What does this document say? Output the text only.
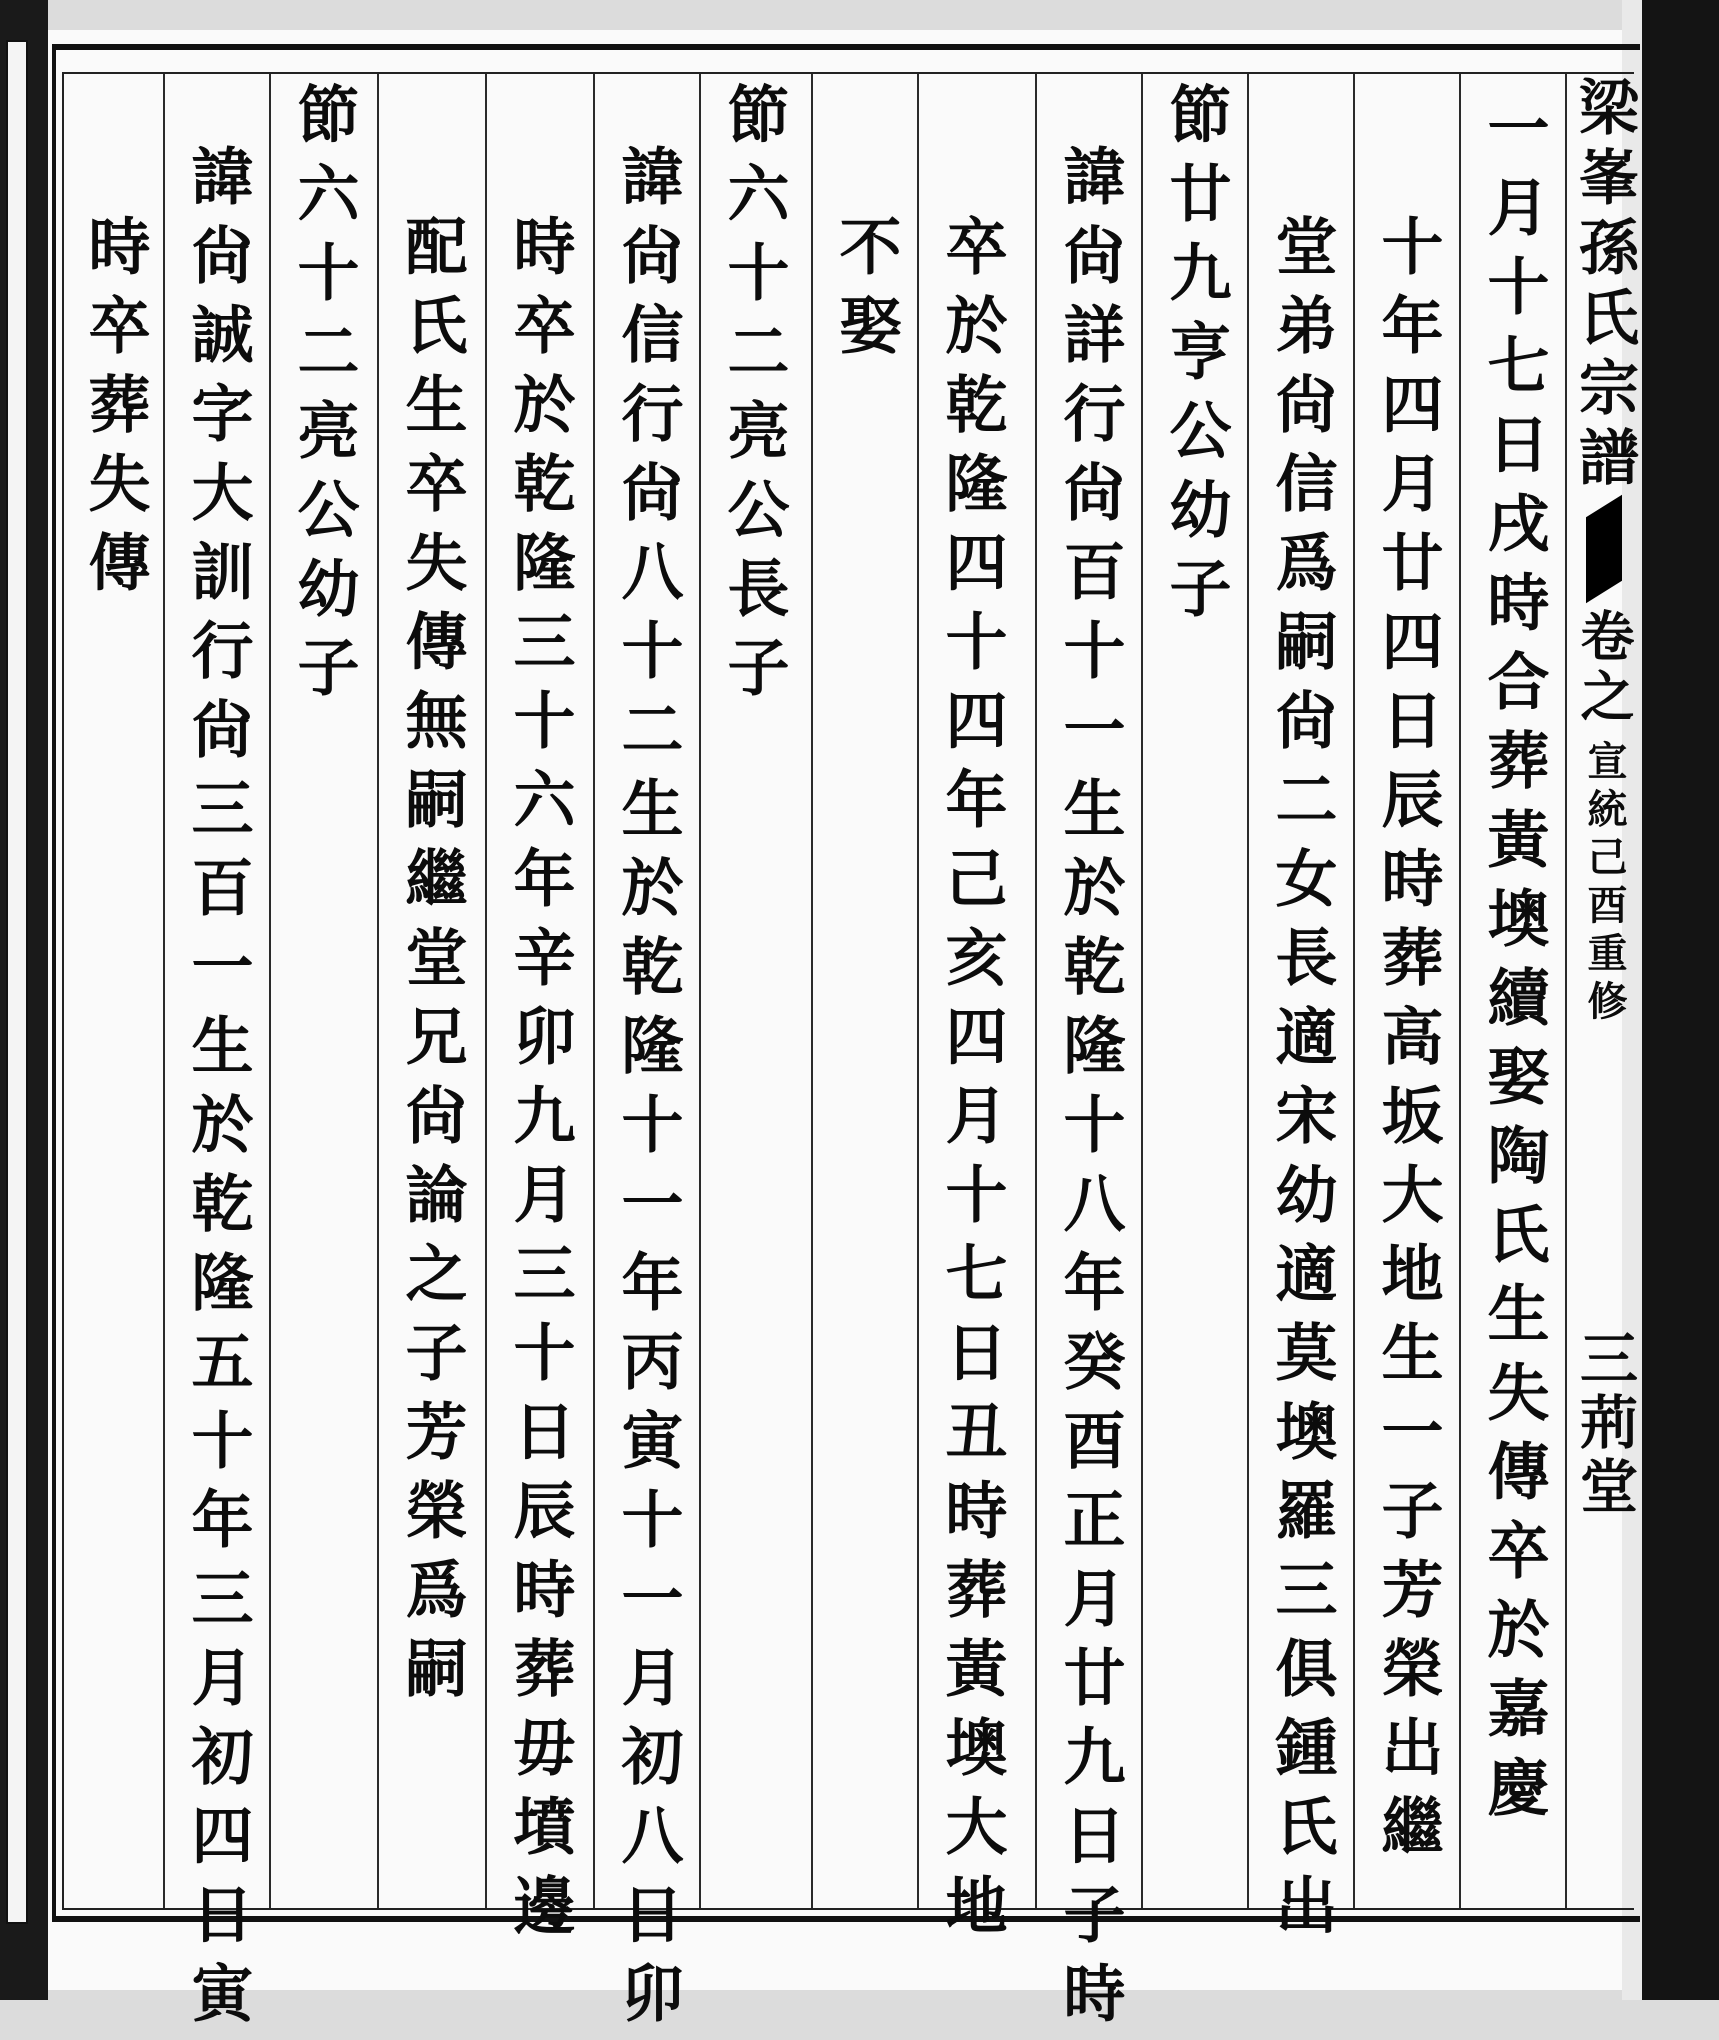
梁峯孫氏宗譜
卷之
宣統己酉重修
三荊堂
一月十七日戌時合葬黃墺續娶陶氏生失傳卒於嘉慶
十年四月廿四日辰時葬高坂大地生一子芳榮出繼
堂弟尙信爲嗣尙二女長適宋幼適莫墺羅三俱鍾氏出
節廿九亨公幼子
諱尙詳行尙百十一生於乾隆十八年癸酉正月廿九日子時
卒於乾隆四十四年己亥四月十七日丑時葬黃墺大地
不娶
節六十二亮公長子
諱尙信行尙八十二生於乾隆十一年丙寅十一月初八日卯
時卒於乾隆三十六年辛卯九月三十日辰時葬毋墳邊
配氏生卒失傳無嗣繼堂兄尙論之子芳榮爲嗣
節六十二亮公幼子
諱尙誠字大訓行尙三百一生於乾隆五十年三月初四日寅
時卒葬失傳
